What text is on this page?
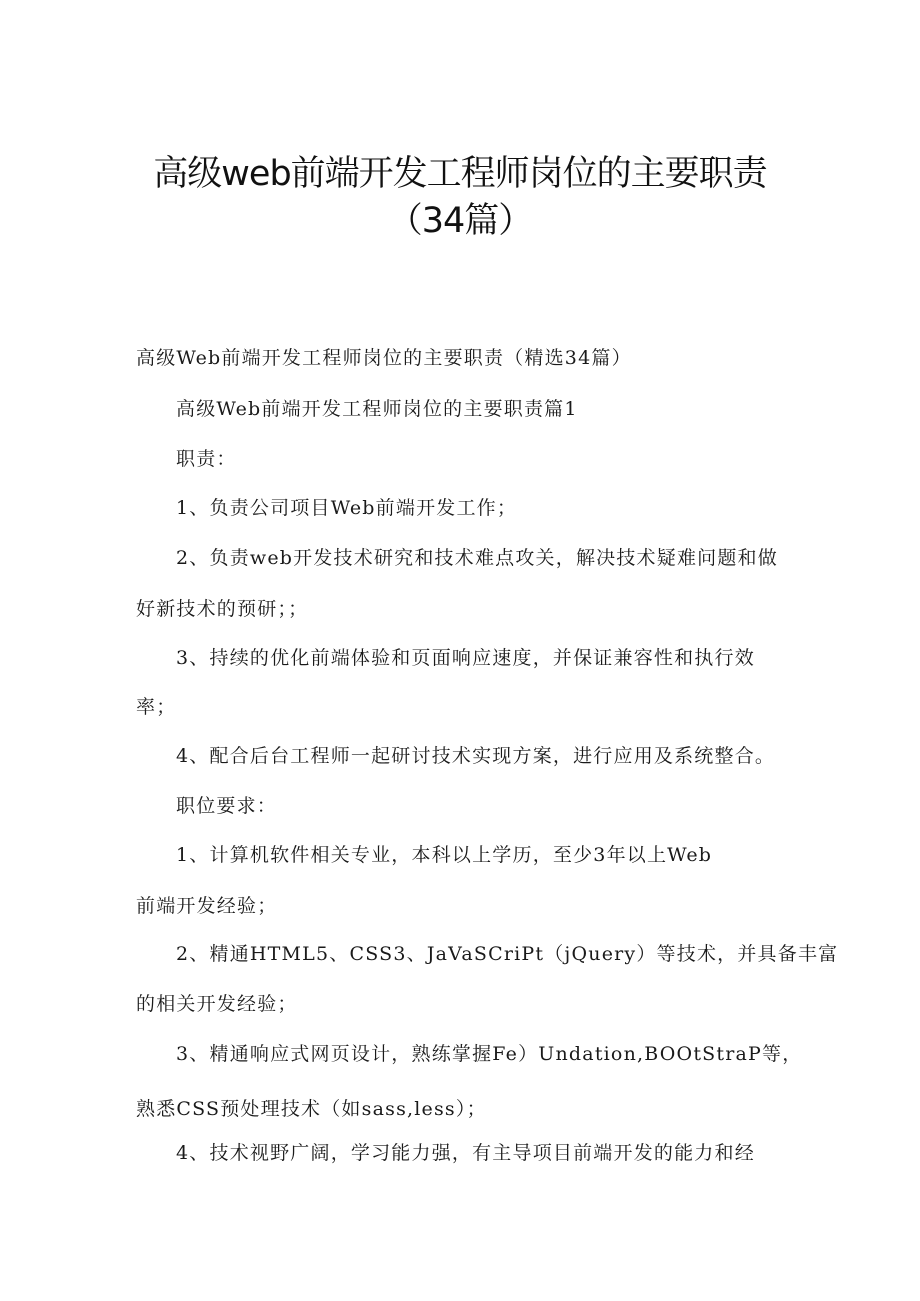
高级web前端开发工程师岗位的主要职责
（34篇）
高级Web前端开发工程师岗位的主要职责（精选34篇）
高级Web前端开发工程师岗位的主要职责篇1
职责：
1、负责公司项目Web前端开发工作；
2、负责web开发技术研究和技术难点攻关，解决技术疑难问题和做
好新技术的预研；；
3、持续的优化前端体验和页面响应速度，并保证兼容性和执行效
率；
4、配合后台工程师一起研讨技术实现方案，进行应用及系统整合。
职位要求：
1、计算机软件相关专业，本科以上学历，至少3年以上Web
前端开发经验；
2、精通HTML5、CSS3、JaVaSCriPt（jQuery）等技术，并具备丰富
的相关开发经验；
3、精通响应式网页设计，熟练掌握Fe）Undation,BOOtStraP等，
熟悉CSS预处理技术（如sass,less）；
4、技术视野广阔，学习能力强，有主导项目前端开发的能力和经
